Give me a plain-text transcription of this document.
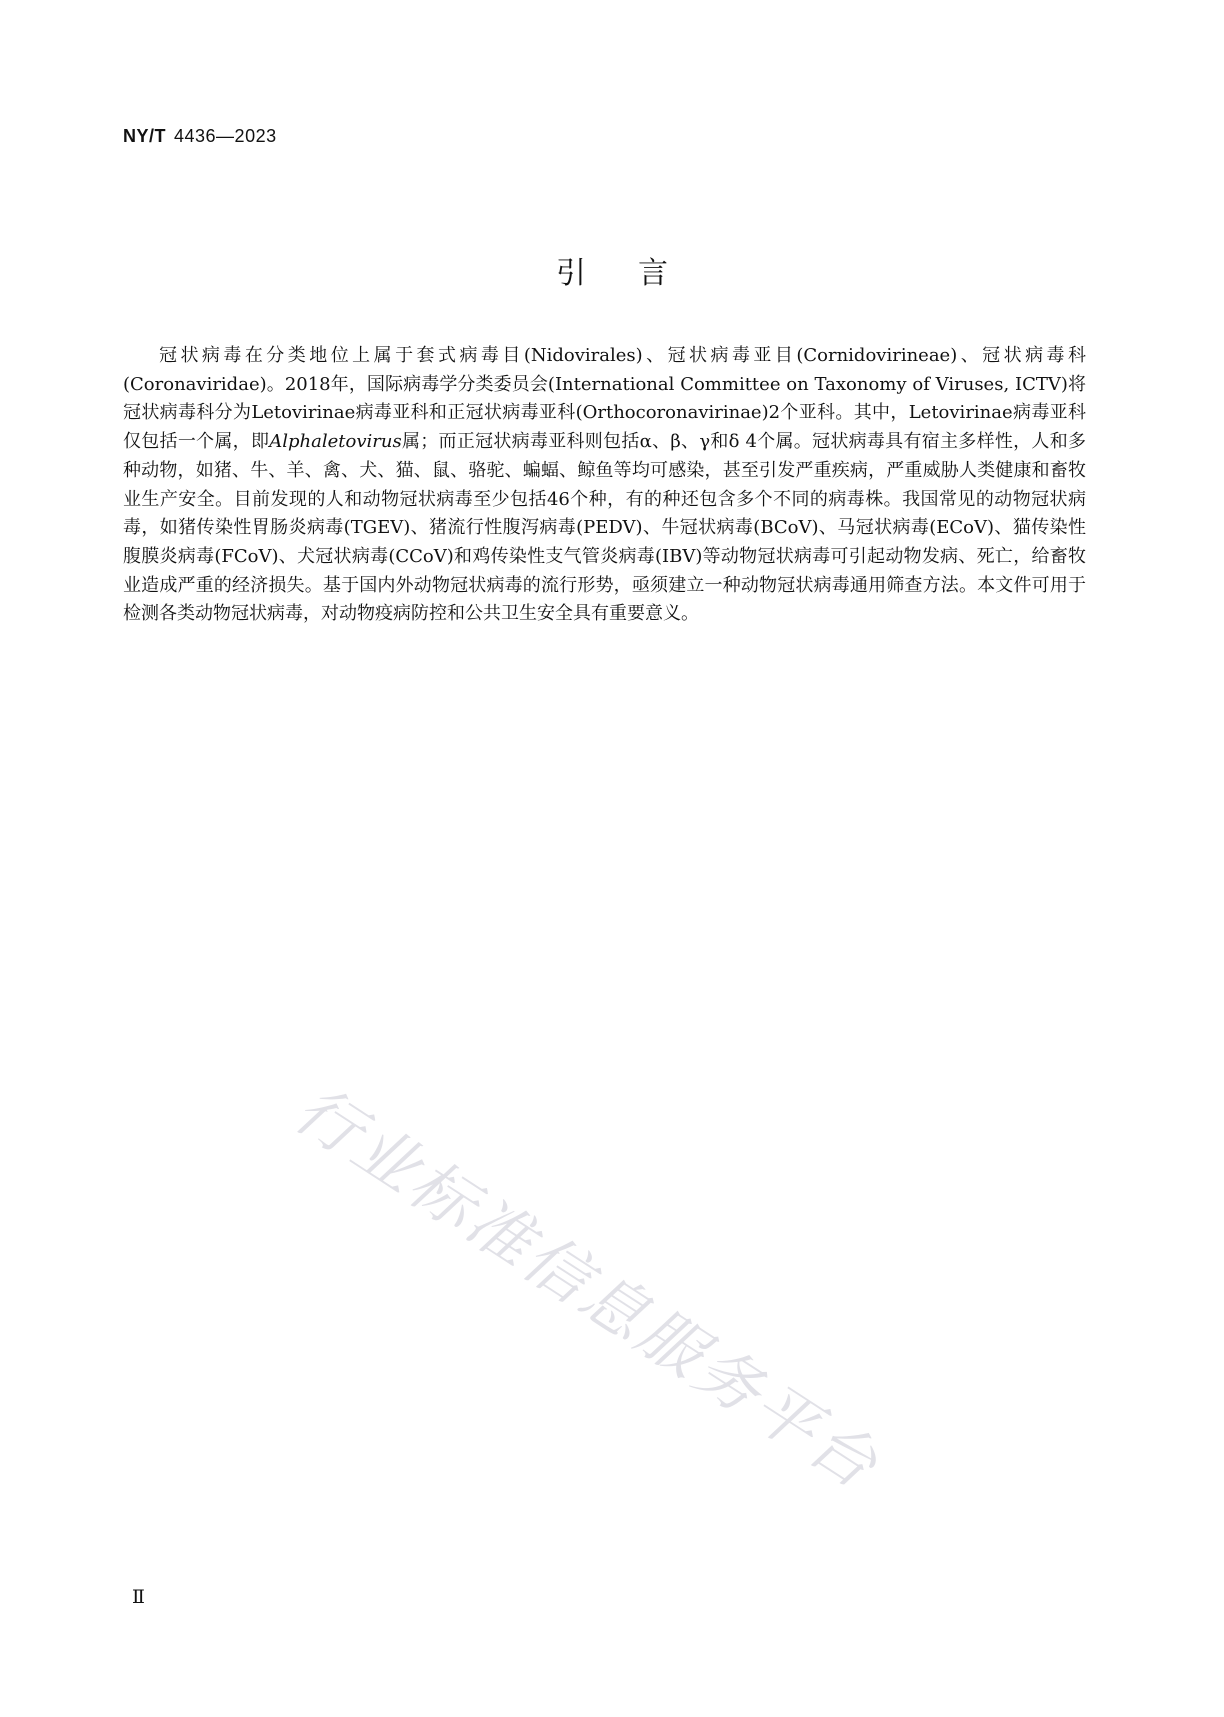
NY/T 4436—2023
引言

冠状病毒在分类地位上属于套式病毒目(Nidovirales)、冠状病毒亚目(Cornidovirineae)、冠状病毒科(Coronaviridae)。2018年，国际病毒学分类委员会(International Committee on Taxonomy of Viruses, ICTV)将冠状病毒科分为Letovirinae病毒亚科和正冠状病毒亚科(Orthocoronavirinae)2个亚科。其中，Letovirinae病毒亚科仅包括一个属，即Alphaletovirus属；而正冠状病毒亚科则包括α、β、γ和δ 4个属。冠状病毒具有宿主多样性，人和多种动物，如猪、牛、羊、禽、犬、猫、鼠、骆驼、蝙蝠、鲸鱼等均可感染，甚至引发严重疾病，严重威胁人类健康和畜牧业生产安全。目前发现的人和动物冠状病毒至少包括46个种，有的种还包含多个不同的病毒株。我国常见的动物冠状病毒，如猪传染性胃肠炎病毒(TGEV)、猪流行性腹泻病毒(PEDV)、牛冠状病毒(BCoV)、马冠状病毒(ECoV)、猫传染性腹膜炎病毒(FCoV)、犬冠状病毒(CCoV)和鸡传染性支气管炎病毒(IBV)等动物冠状病毒可引起动物发病、死亡，给畜牧业造成严重的经济损失。基于国内外动物冠状病毒的流行形势，亟须建立一种动物冠状病毒通用筛查方法。本文件可用于检测各类动物冠状病毒，对动物疫病防控和公共卫生安全具有重要意义。

行业标准信息服务平台
Ⅱ
